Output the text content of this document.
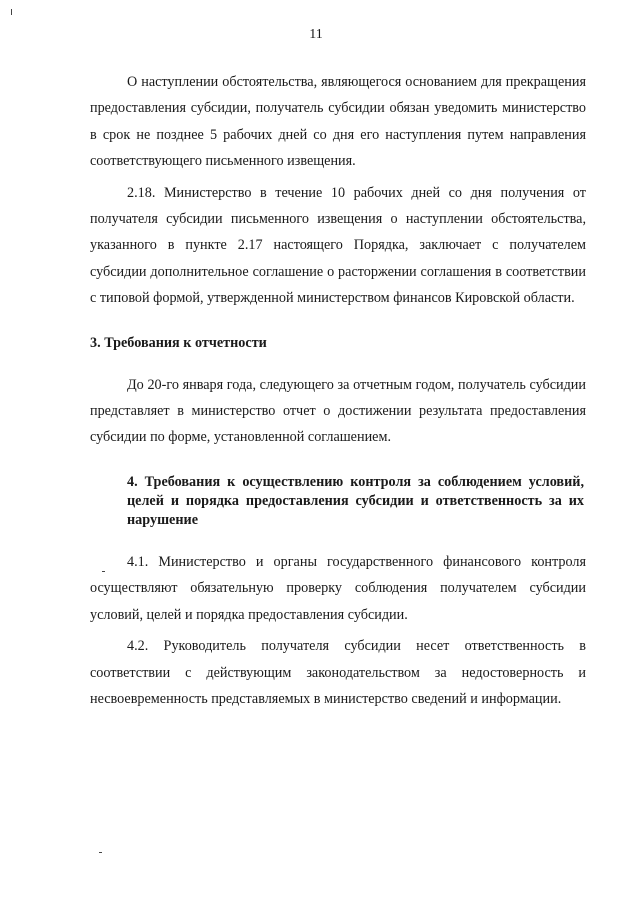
11

О наступлении обстоятельства, являющегося основанием для прекращения предоставления субсидии, получатель субсидии обязан уведомить министерство в срок не позднее 5 рабочих дней со дня его наступления путем направления соответствующего письменного извещения.

2.18. Министерство в течение 10 рабочих дней со дня получения от получателя субсидии письменного извещения о наступлении обстоятельства, указанного в пункте 2.17 настоящего Порядка, заключает с получателем субсидии дополнительное соглашение о расторжении соглашения в соответствии с типовой формой, утвержденной министерством финансов Кировской области.

3. Требования к отчетности

До 20-го января года, следующего за отчетным годом, получатель субсидии представляет в министерство отчет о достижении результата предоставления субсидии по форме, установленной соглашением.

4. Требования к осуществлению контроля за соблюдением условий, целей и порядка предоставления субсидии и ответственность за их нарушение

4.1. Министерство и органы государственного финансового контроля осуществляют обязательную проверку соблюдения получателем субсидии условий, целей и порядка предоставления субсидии.

4.2. Руководитель получателя субсидии несет ответственность в соответствии с действующим законодательством за недостоверность и несвоевременность представляемых в министерство сведений и информации.
